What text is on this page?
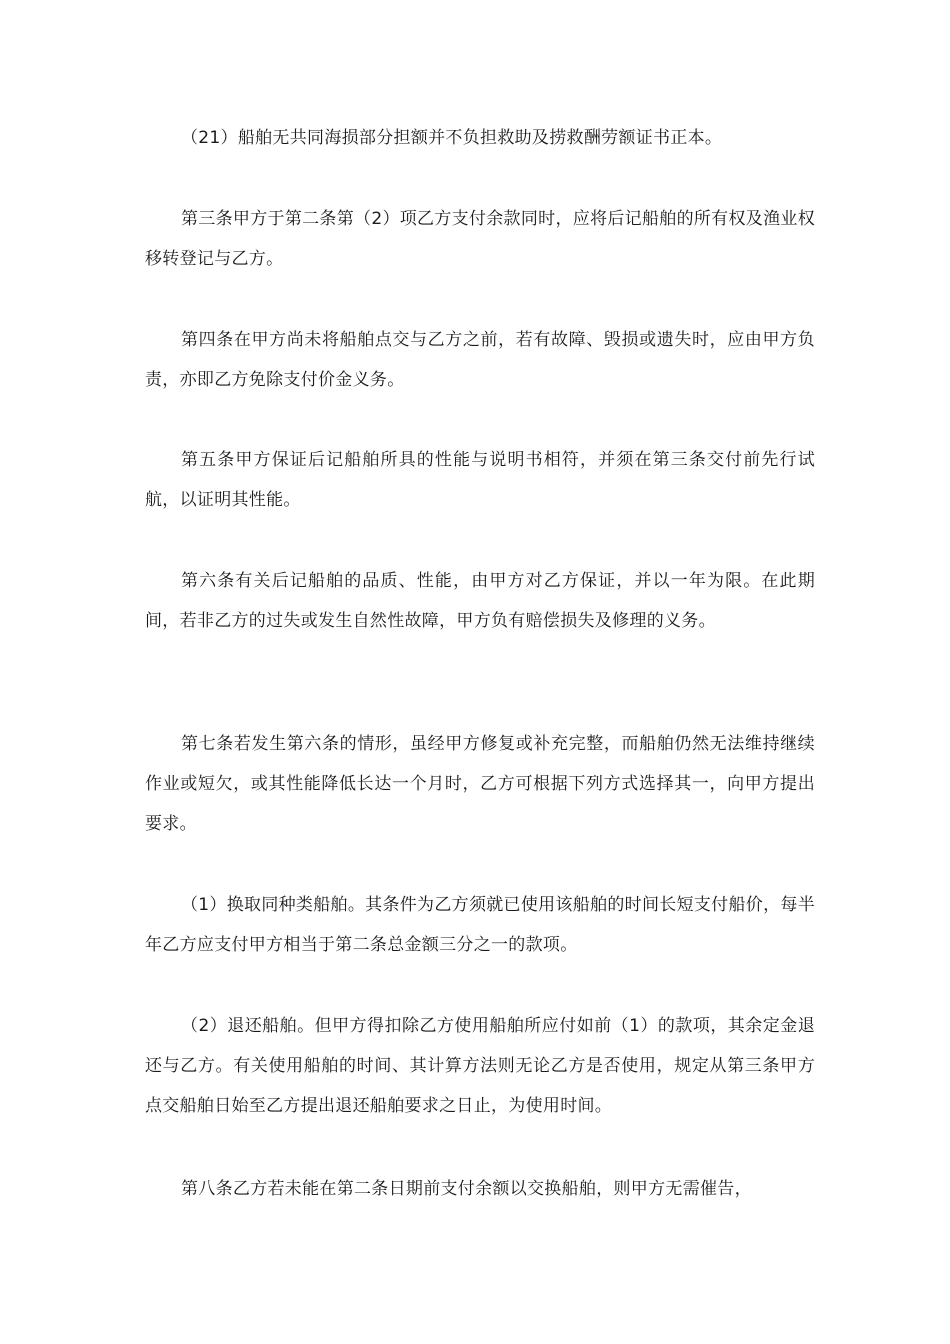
（21）船舶无共同海损部分担额并不负担救助及捞救酬劳额证书正本。

第三条甲方于第二条第（2）项乙方支付余款同时，应将后记船舶的所有权及渔业权移转登记与乙方。

第四条在甲方尚未将船舶点交与乙方之前，若有故障、毁损或遗失时，应由甲方负责，亦即乙方免除支付价金义务。

第五条甲方保证后记船舶所具的性能与说明书相符，并须在第三条交付前先行试航，以证明其性能。

第六条有关后记船舶的品质、性能，由甲方对乙方保证，并以一年为限。在此期间，若非乙方的过失或发生自然性故障，甲方负有赔偿损失及修理的义务。

第七条若发生第六条的情形，虽经甲方修复或补充完整，而船舶仍然无法维持继续作业或短欠，或其性能降低长达一个月时，乙方可根据下列方式选择其一，向甲方提出要求。

（1）换取同种类船舶。其条件为乙方须就已使用该船舶的时间长短支付船价，每半年乙方应支付甲方相当于第二条总金额三分之一的款项。

（2）退还船舶。但甲方得扣除乙方使用船舶所应付如前（1）的款项，其余定金退还与乙方。有关使用船舶的时间、其计算方法则无论乙方是否使用，规定从第三条甲方点交船舶日始至乙方提出退还船舶要求之日止，为使用时间。

第八条乙方若未能在第二条日期前支付余额以交换船舶，则甲方无需催告，
